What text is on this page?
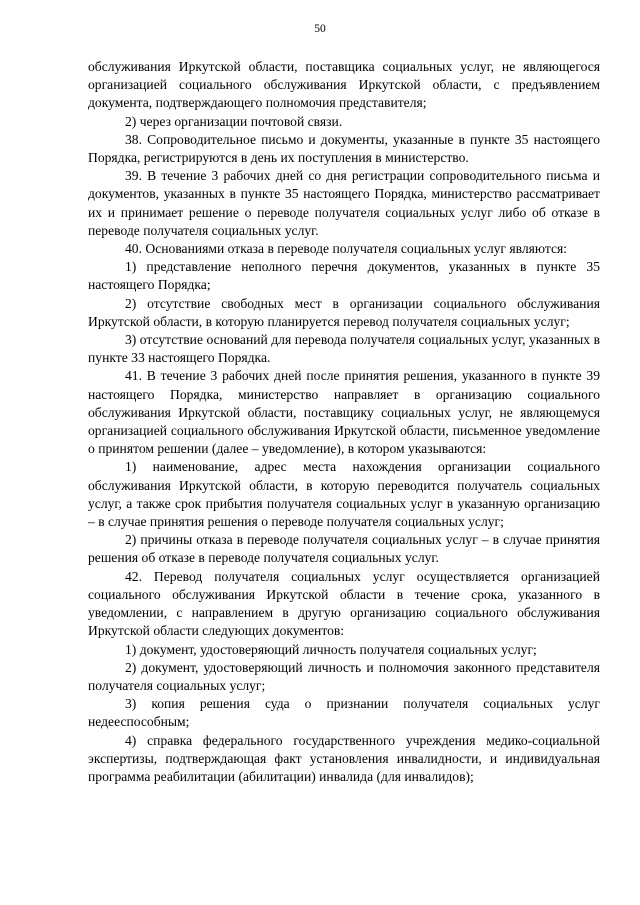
50

обслуживания Иркутской области, поставщика социальных услуг, не являющегося организацией социального обслуживания Иркутской области, с предъявлением документа, подтверждающего полномочия представителя;

2) через организации почтовой связи.

38. Сопроводительное письмо и документы, указанные в пункте 35 настоящего Порядка, регистрируются в день их поступления в министерство.

39. В течение 3 рабочих дней со дня регистрации сопроводительного письма и документов, указанных в пункте 35 настоящего Порядка, министерство рассматривает их и принимает решение о переводе получателя социальных услуг либо об отказе в переводе получателя социальных услуг.

40. Основаниями отказа в переводе получателя социальных услуг являются:

1) представление неполного перечня документов, указанных в пункте 35 настоящего Порядка;

2) отсутствие свободных мест в организации социального обслуживания Иркутской области, в которую планируется перевод получателя социальных услуг;

3) отсутствие оснований для перевода получателя социальных услуг, указанных в пункте 33 настоящего Порядка.

41. В течение 3 рабочих дней после принятия решения, указанного в пункте 39 настоящего Порядка, министерство направляет в организацию социального обслуживания Иркутской области, поставщику социальных услуг, не являющемуся организацией социального обслуживания Иркутской области, письменное уведомление о принятом решении (далее – уведомление), в котором указываются:

1) наименование, адрес места нахождения организации социального обслуживания Иркутской области, в которую переводится получатель социальных услуг, а также срок прибытия получателя социальных услуг в указанную организацию – в случае принятия решения о переводе получателя социальных услуг;

2) причины отказа в переводе получателя социальных услуг – в случае принятия решения об отказе в переводе получателя социальных услуг.

42. Перевод получателя социальных услуг осуществляется организацией социального обслуживания Иркутской области в течение срока, указанного в уведомлении, с направлением в другую организацию социального обслуживания Иркутской области следующих документов:

1) документ, удостоверяющий личность получателя социальных услуг;

2) документ, удостоверяющий личность и полномочия законного представителя получателя социальных услуг;

3) копия решения суда о признании получателя социальных услуг недееспособным;

4) справка федерального государственного учреждения медико-социальной экспертизы, подтверждающая факт установления инвалидности, и индивидуальная программа реабилитации (абилитации) инвалида (для инвалидов);
